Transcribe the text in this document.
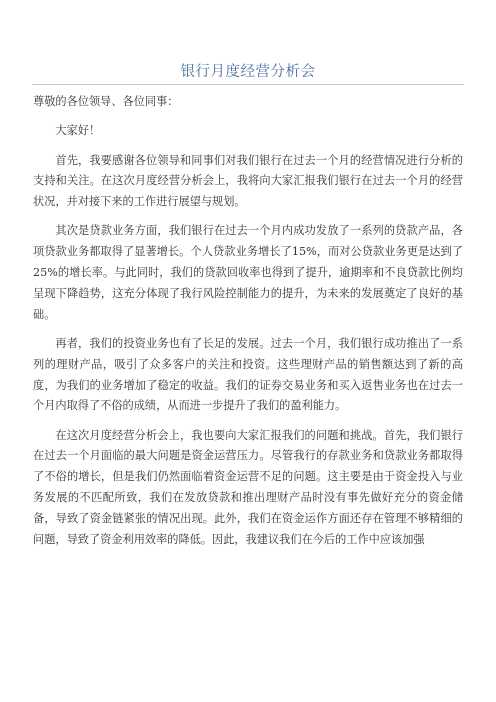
银行月度经营分析会

尊敬的各位领导、各位同事：

大家好！

首先，我要感谢各位领导和同事们对我们银行在过去一个月的经营情况进行分析的支持和关注。在这次月度经营分析会上，我将向大家汇报我们银行在过去一个月的经营状况，并对接下来的工作进行展望与规划。

其次是贷款业务方面，我们银行在过去一个月内成功发放了一系列的贷款产品，各项贷款业务都取得了显著增长。个人贷款业务增长了15%，而对公贷款业务更是达到了25%的增长率。与此同时，我们的贷款回收率也得到了提升，逾期率和不良贷款比例均呈现下降趋势，这充分体现了我行风险控制能力的提升，为未来的发展奠定了良好的基础。

再者，我们的投资业务也有了长足的发展。过去一个月，我们银行成功推出了一系列的理财产品，吸引了众多客户的关注和投资。这些理财产品的销售额达到了新的高度，为我们的业务增加了稳定的收益。我们的证券交易业务和买入返售业务也在过去一个月内取得了不俗的成绩，从而进一步提升了我们的盈利能力。

在这次月度经营分析会上，我也要向大家汇报我们的问题和挑战。首先，我们银行在过去一个月面临的最大问题是资金运营压力。尽管我行的存款业务和贷款业务都取得了不俗的增长，但是我们仍然面临着资金运营不足的问题。这主要是由于资金投入与业务发展的不匹配所致，我们在发放贷款和推出理财产品时没有事先做好充分的资金储备，导致了资金链紧张的情况出现。此外，我们在资金运作方面还存在管理不够精细的问题，导致了资金利用效率的降低。因此，我建议我们在今后的工作中应该加强
